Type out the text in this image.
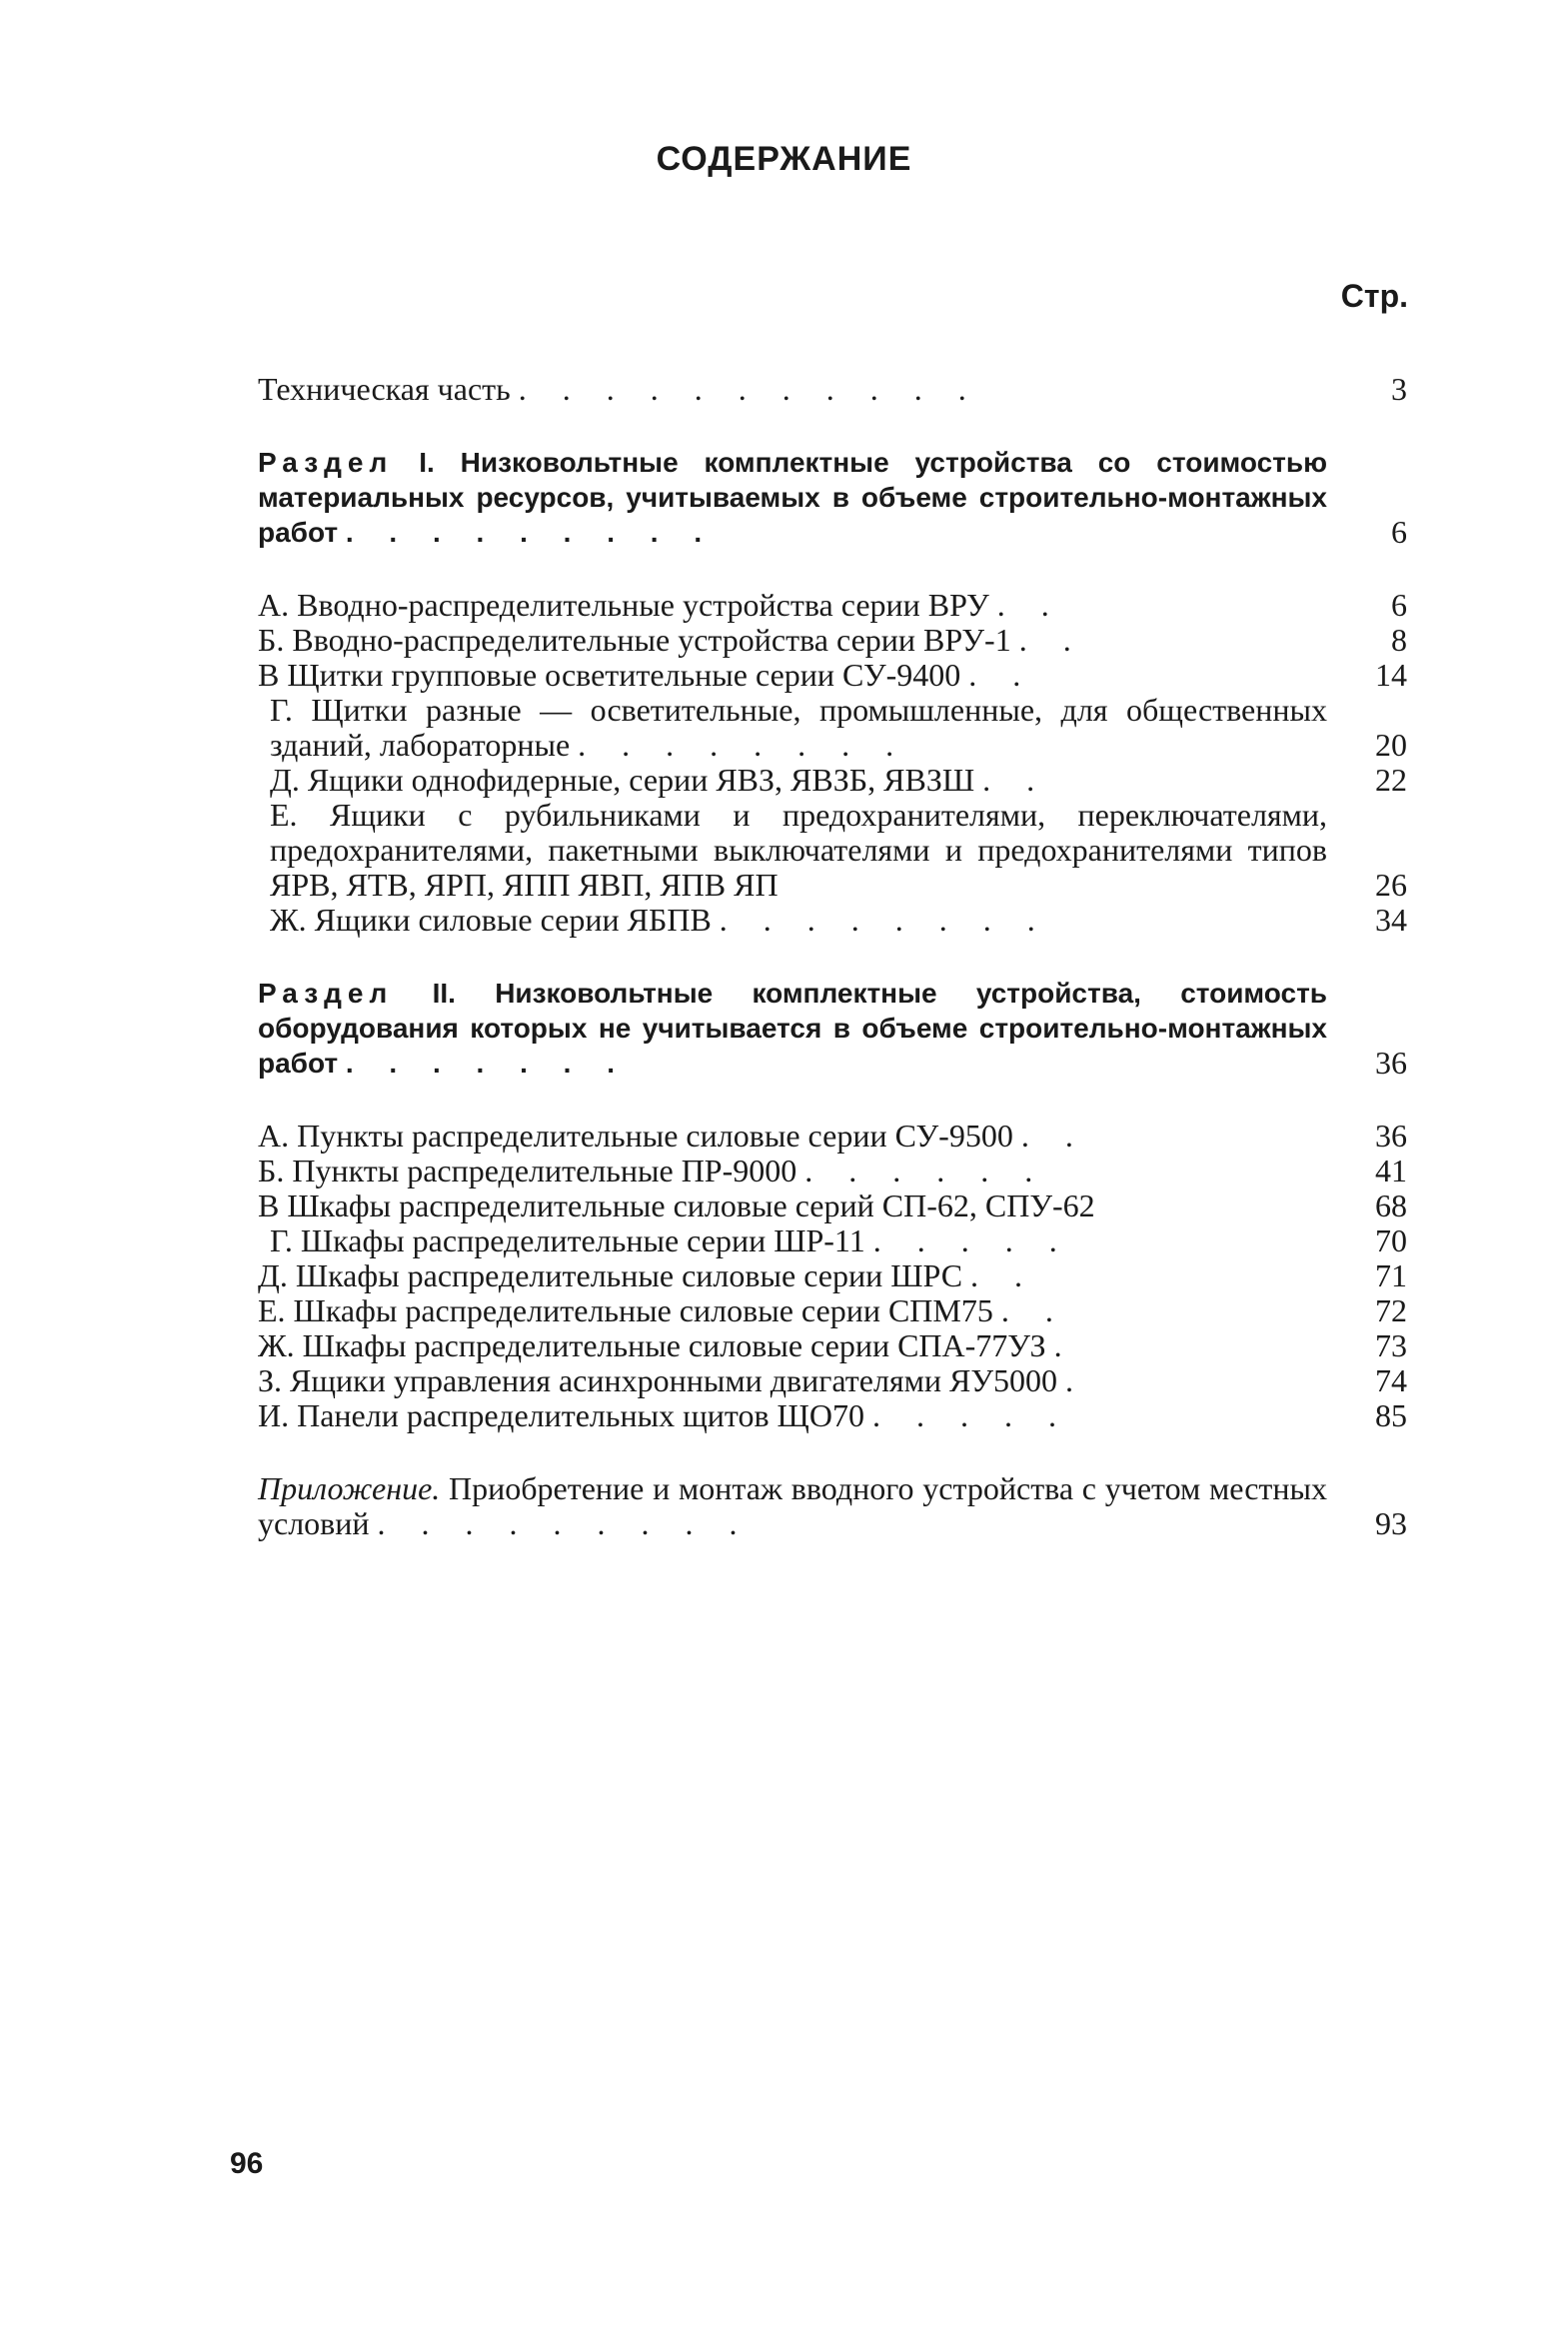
СОДЕРЖАНИЕ
Стр.
Техническая часть . . . . . . . . . . .	3
Раздел I. Низковольтные комплектные устройства со стоимостью материальных ресурсов, учитываемых в объеме строительно-монтажных работ . . . . . . . . .	6
А. Вводно-распределительные устройства серии ВРУ . .	6
Б. Вводно-распределительные устройства серии ВРУ-1 . .	8
В Щитки групповые осветительные серии СУ-9400 . .	14
Г. Щитки разные — осветительные, промышленные, для общественных зданий, лабораторные . . . . . . . .	20
Д. Ящики однофидерные, серии ЯВЗ, ЯВЗБ, ЯВЗШ . .	22
Е. Ящики с рубильниками и предохранителями, переключателями, предохранителями, пакетными выключателями и предохранителями типов ЯРВ, ЯТВ, ЯРП, ЯПП ЯВП, ЯПВ ЯП	26
Ж. Ящики силовые серии ЯБПВ . . . . . . . .	34
Раздел II. Низковольтные комплектные устройства, стоимость оборудования которых не учитывается в объеме строительно-монтажных работ . . . . . . .	36
А. Пункты распределительные силовые серии СУ-9500 . .	36
Б. Пункты распределительные ПР-9000 . . . . . .	41
В Шкафы распределительные силовые серий СП-62, СПУ-62	68
Г. Шкафы распределительные серии ШР-11 . . . . .	70
Д. Шкафы распределительные силовые серии ШРС . .	71
Е. Шкафы распределительные силовые серии СПМ75 . .	72
Ж. Шкафы распределительные силовые серии СПА-77УЗ .	73
З. Ящики управления асинхронными двигателями ЯУ5000 .	74
И. Панели распределительных щитов ЩО70 . . . . .	85
Приложение. Приобретение и монтаж вводного устройства с учетом местных условий . . . . . . . . .	93
96
